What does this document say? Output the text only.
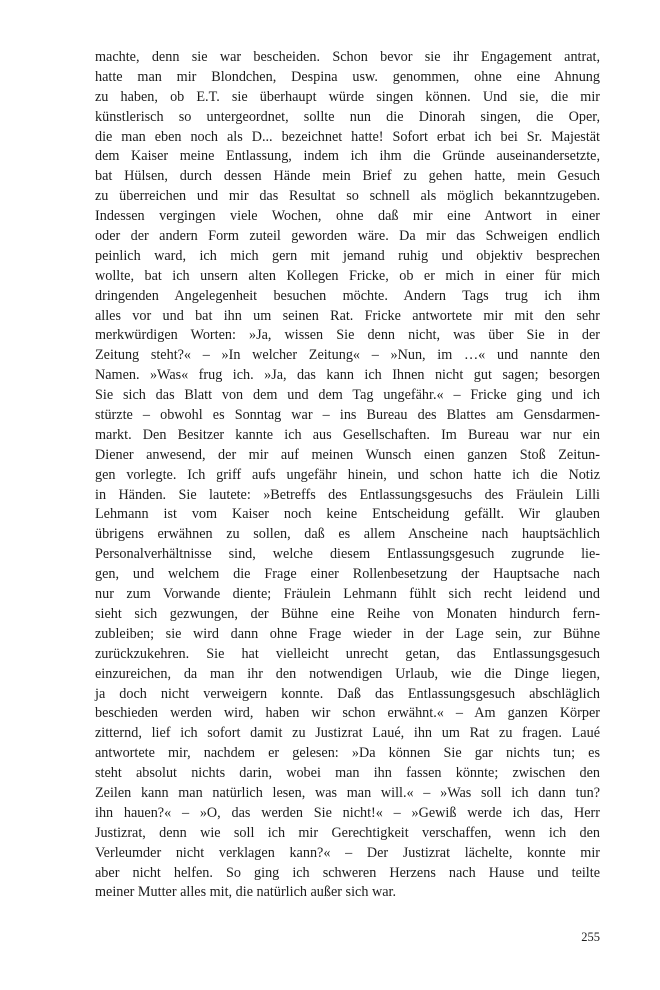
machte, denn sie war bescheiden. Schon bevor sie ihr Engagement antrat,
hatte man mir Blondchen, Despina usw. genommen, ohne eine Ahnung
zu haben, ob E.T. sie überhaupt würde singen können. Und sie, die mir
künstlerisch so untergeordnet, sollte nun die Dinorah singen, die Oper,
die man eben noch als D... bezeichnet hatte! Sofort erbat ich bei Sr. Majestät
dem Kaiser meine Entlassung, indem ich ihm die Gründe auseinandersetzte,
bat Hülsen, durch dessen Hände mein Brief zu gehen hatte, mein Gesuch
zu überreichen und mir das Resultat so schnell als möglich bekanntzugeben.
Indessen vergingen viele Wochen, ohne daß mir eine Antwort in einer
oder der andern Form zuteil geworden wäre. Da mir das Schweigen endlich
peinlich ward, ich mich gern mit jemand ruhig und objektiv besprechen
wollte, bat ich unsern alten Kollegen Fricke, ob er mich in einer für mich
dringenden Angelegenheit besuchen möchte. Andern Tags trug ich ihm
alles vor und bat ihn um seinen Rat. Fricke antwortete mir mit den sehr
merkwürdigen Worten: »Ja, wissen Sie denn nicht, was über Sie in der
Zeitung steht?« – »In welcher Zeitung« – »Nun, im …« und nannte den
Namen. »Was« frug ich. »Ja, das kann ich Ihnen nicht gut sagen; besorgen
Sie sich das Blatt von dem und dem Tag ungefähr.« – Fricke ging und ich
stürzte – obwohl es Sonntag war – ins Bureau des Blattes am Gensdarmen-
markt. Den Besitzer kannte ich aus Gesellschaften. Im Bureau war nur ein
Diener anwesend, der mir auf meinen Wunsch einen ganzen Stoß Zeitun-
gen vorlegte. Ich griff aufs ungefähr hinein, und schon hatte ich die Notiz
in Händen. Sie lautete: »Betreffs des Entlassungsgesuchs des Fräulein Lilli
Lehmann ist vom Kaiser noch keine Entscheidung gefällt. Wir glauben
übrigens erwähnen zu sollen, daß es allem Anscheine nach hauptsächlich
Personalverhältnisse sind, welche diesem Entlassungsgesuch zugrunde lie-
gen, und welchem die Frage einer Rollenbesetzung der Hauptsache nach
nur zum Vorwande diente; Fräulein Lehmann fühlt sich recht leidend und
sieht sich gezwungen, der Bühne eine Reihe von Monaten hindurch fern-
zubleiben; sie wird dann ohne Frage wieder in der Lage sein, zur Bühne
zurückzukehren. Sie hat vielleicht unrecht getan, das Entlassungsgesuch
einzureichen, da man ihr den notwendigen Urlaub, wie die Dinge liegen,
ja doch nicht verweigern konnte. Daß das Entlassungsgesuch abschläglich
beschieden werden wird, haben wir schon erwähnt.« – Am ganzen Körper
zitternd, lief ich sofort damit zu Justizrat Laué, ihn um Rat zu fragen. Laué
antwortete mir, nachdem er gelesen: »Da können Sie gar nichts tun; es
steht absolut nichts darin, wobei man ihn fassen könnte; zwischen den
Zeilen kann man natürlich lesen, was man will.« – »Was soll ich dann tun?
ihn hauen?« – »O, das werden Sie nicht!« – »Gewiß werde ich das, Herr
Justizrat, denn wie soll ich mir Gerechtigkeit verschaffen, wenn ich den
Verleumder nicht verklagen kann?« – Der Justizrat lächelte, konnte mir
aber nicht helfen. So ging ich schweren Herzens nach Hause und teilte
meiner Mutter alles mit, die natürlich außer sich war.
255
